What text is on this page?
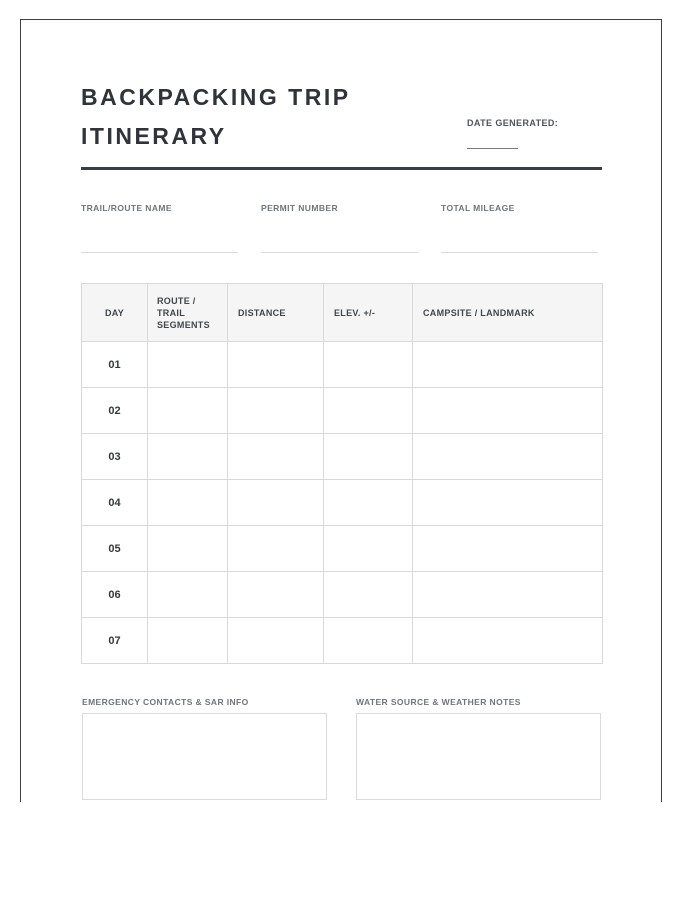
BACKPACKING TRIP
ITINERARY	DATE GENERATED:
TRAIL/ROUTE NAME	PERMIT NUMBER	TOTAL MILEAGE
DAY	ROUTE / TRAIL SEGMENTS	DISTANCE	ELEV. +/-	CAMPSITE / LANDMARK
01				
02				
03				
04				
05				
06				
07				
EMERGENCY CONTACTS & SAR INFO	WATER SOURCE & WEATHER NOTES
